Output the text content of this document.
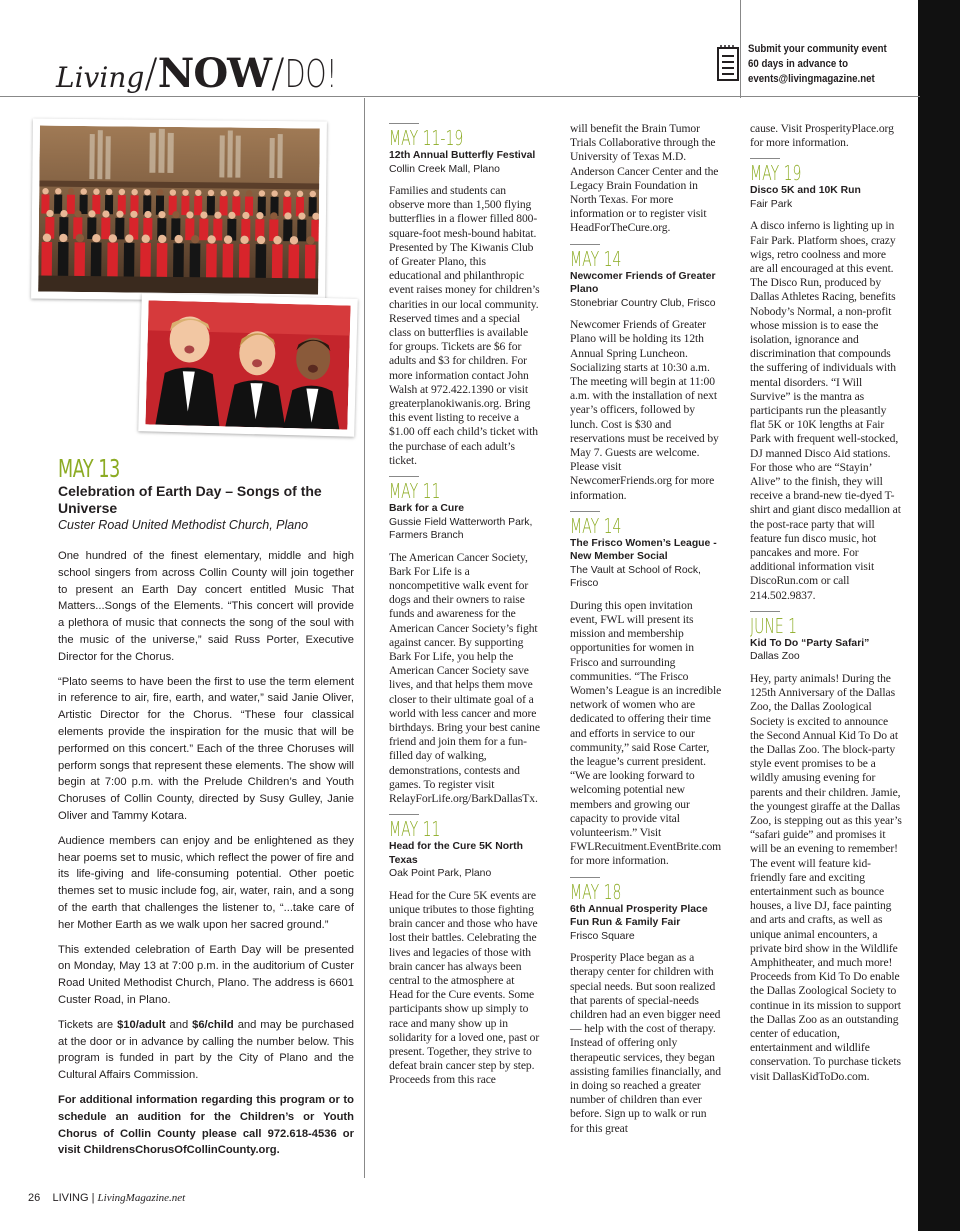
Living/NOW/DO!
Submit your community event
60 days in advance to
events@livingmagazine.net
MAY 13
Celebration of Earth Day – Songs of the Universe
Custer Road United Methodist Church, Plano

One hundred of the finest elementary, middle and high school singers from across Collin County will join together to present an Earth Day concert entitled Music That Matters...Songs of the Elements. “This concert will provide a plethora of music that connects the song of the soul with the music of the universe,” said Russ Porter, Executive Director for the Chorus.

“Plato seems to have been the first to use the term element in reference to air, fire, earth, and water,” said Janie Oliver, Artistic Director for the Chorus. “These four classical elements provide the inspiration for the music that will be performed on this concert.” Each of the three Choruses will perform songs that represent these elements. The show will begin at 7:00 p.m. with the Prelude Children’s and Youth Choruses of Collin County, directed by Susy Gulley, Janie Oliver and Tammy Kotara.

Audience members can enjoy and be enlightened as they hear poems set to music, which reflect the power of fire and its life-giving and life-consuming potential. Other poetic themes set to music include fog, air, water, rain, and a song of the earth that challenges the listener to, “...take care of her Mother Earth as we walk upon her sacred ground.”

This extended celebration of Earth Day will be presented on Monday, May 13 at 7:00 p.m. in the auditorium of Custer Road United Methodist Church, Plano. The address is 6601 Custer Road, in Plano.

Tickets are $10/adult and $6/child and may be purchased at the door or in advance by calling the number below. This program is funded in part by the City of Plano and the Cultural Affairs Commission.

For additional information regarding this program or to schedule an audition for the Children’s or Youth Chorus of Collin County please call 972.618-4536 or visit ChildrensChorusOfCollinCounty.org.

MAY 11-19
12th Annual Butterfly Festival
Collin Creek Mall, Plano
Families and students can observe more than 1,500 flying butterflies in a flower filled 800-square-foot mesh-bound habitat. Presented by The Kiwanis Club of Greater Plano, this educational and philanthropic event raises money for children’s charities in our local community. Reserved times and a special class on butterflies is available for groups. Tickets are $6 for adults and $3 for children. For more information contact John Walsh at 972.422.1390 or visit greaterplanokiwanis.org. Bring this event listing to receive a $1.00 off each child’s ticket with the purchase of each adult’s ticket.
MAY 11
Bark for a Cure
Gussie Field Watterworth Park, Farmers Branch
The American Cancer Society, Bark For Life is a noncompetitive walk event for dogs and their owners to raise funds and awareness for the American Cancer Society’s fight against cancer. By supporting Bark For Life, you help the American Cancer Society save lives, and that helps them move closer to their ultimate goal of a world with less cancer and more birthdays. Bring your best canine friend and join them for a fun-filled day of walking, demonstrations, contests and games. To register visit RelayForLife.org/BarkDallasTx.
MAY 11
Head for the Cure 5K North Texas
Oak Point Park, Plano
Head for the Cure 5K events are unique tributes to those fighting brain cancer and those who have lost their battles. Celebrating the lives and legacies of those with brain cancer has always been central to the atmosphere at Head for the Cure events. Some participants show up simply to race and many show up in solidarity for a loved one, past or present. Together, they strive to defeat brain cancer step by step. Proceeds from this race
will benefit the Brain Tumor Trials Collaborative through the University of Texas M.D. Anderson Cancer Center and the Legacy Brain Foundation in North Texas. For more information or to register visit HeadForTheCure.org.
MAY 14
Newcomer Friends of Greater Plano
Stonebriar Country Club, Frisco
Newcomer Friends of Greater Plano will be holding its 12th Annual Spring Luncheon. Socializing starts at 10:30 a.m. The meeting will begin at 11:00 a.m. with the installation of next year’s officers, followed by lunch. Cost is $30 and reservations must be received by May 7. Guests are welcome. Please visit NewcomerFriends.org for more information.
MAY 14
The Frisco Women’s League - New Member Social
The Vault at School of Rock, Frisco
During this open invitation event, FWL will present its mission and membership opportunities for women in Frisco and surrounding communities. “The Frisco Women’s League is an incredible network of women who are dedicated to offering their time and efforts in service to our community,” said Rose Carter, the league’s current president. “We are looking forward to welcoming potential new members and growing our capacity to provide vital volunteerism.” Visit FWLRecuitment.EventBrite.com for more information.
MAY 18
6th Annual Prosperity Place Fun Run & Family Fair
Frisco Square
Prosperity Place began as a therapy center for children with special needs. But soon realized that parents of special-needs children had an even bigger need –– help with the cost of therapy. Instead of offering only therapeutic services, they began assisting families financially, and in doing so reached a greater number of children than ever before. Sign up to walk or run for this great
cause. Visit ProsperityPlace.org for more information.
MAY 19
Disco 5K and 10K Run
Fair Park
A disco inferno is lighting up in Fair Park. Platform shoes, crazy wigs, retro coolness and more are all encouraged at this event. The Disco Run, produced by Dallas Athletes Racing, benefits Nobody’s Normal, a non-profit whose mission is to ease the isolation, ignorance and discrimination that compounds the suffering of individuals with mental disorders. “I Will Survive” is the mantra as participants run the pleasantly flat 5K or 10K lengths at Fair Park with frequent well-stocked, DJ manned Disco Aid stations. For those who are “Stayin’ Alive” to the finish, they will receive a brand-new tie-dyed T-shirt and giant disco medallion at the post-race party that will feature fun disco music, hot pancakes and more. For additional information visit DiscoRun.com or call 214.502.9837.
JUNE 1
Kid To Do “Party Safari”
Dallas Zoo
Hey, party animals! During the 125th Anniversary of the Dallas Zoo, the Dallas Zoological Society is excited to announce the Second Annual Kid To Do at the Dallas Zoo. The block-party style event promises to be a wildly amusing evening for parents and their children. Jamie, the youngest giraffe at the Dallas Zoo, is stepping out as this year’s “safari guide” and promises it will be an evening to remember! The event will feature kid-friendly fare and exciting entertainment such as bounce houses, a live DJ, face painting and arts and crafts, as well as unique animal encounters, a private bird show in the Wildlife Amphitheater, and much more! Proceeds from Kid To Do enable the Dallas Zoological Society to continue in its mission to support the Dallas Zoo as an outstanding center of education, entertainment and wildlife conservation. To purchase tickets visit DallasKidToDo.com.
26 LIVING | LivingMagazine.net
